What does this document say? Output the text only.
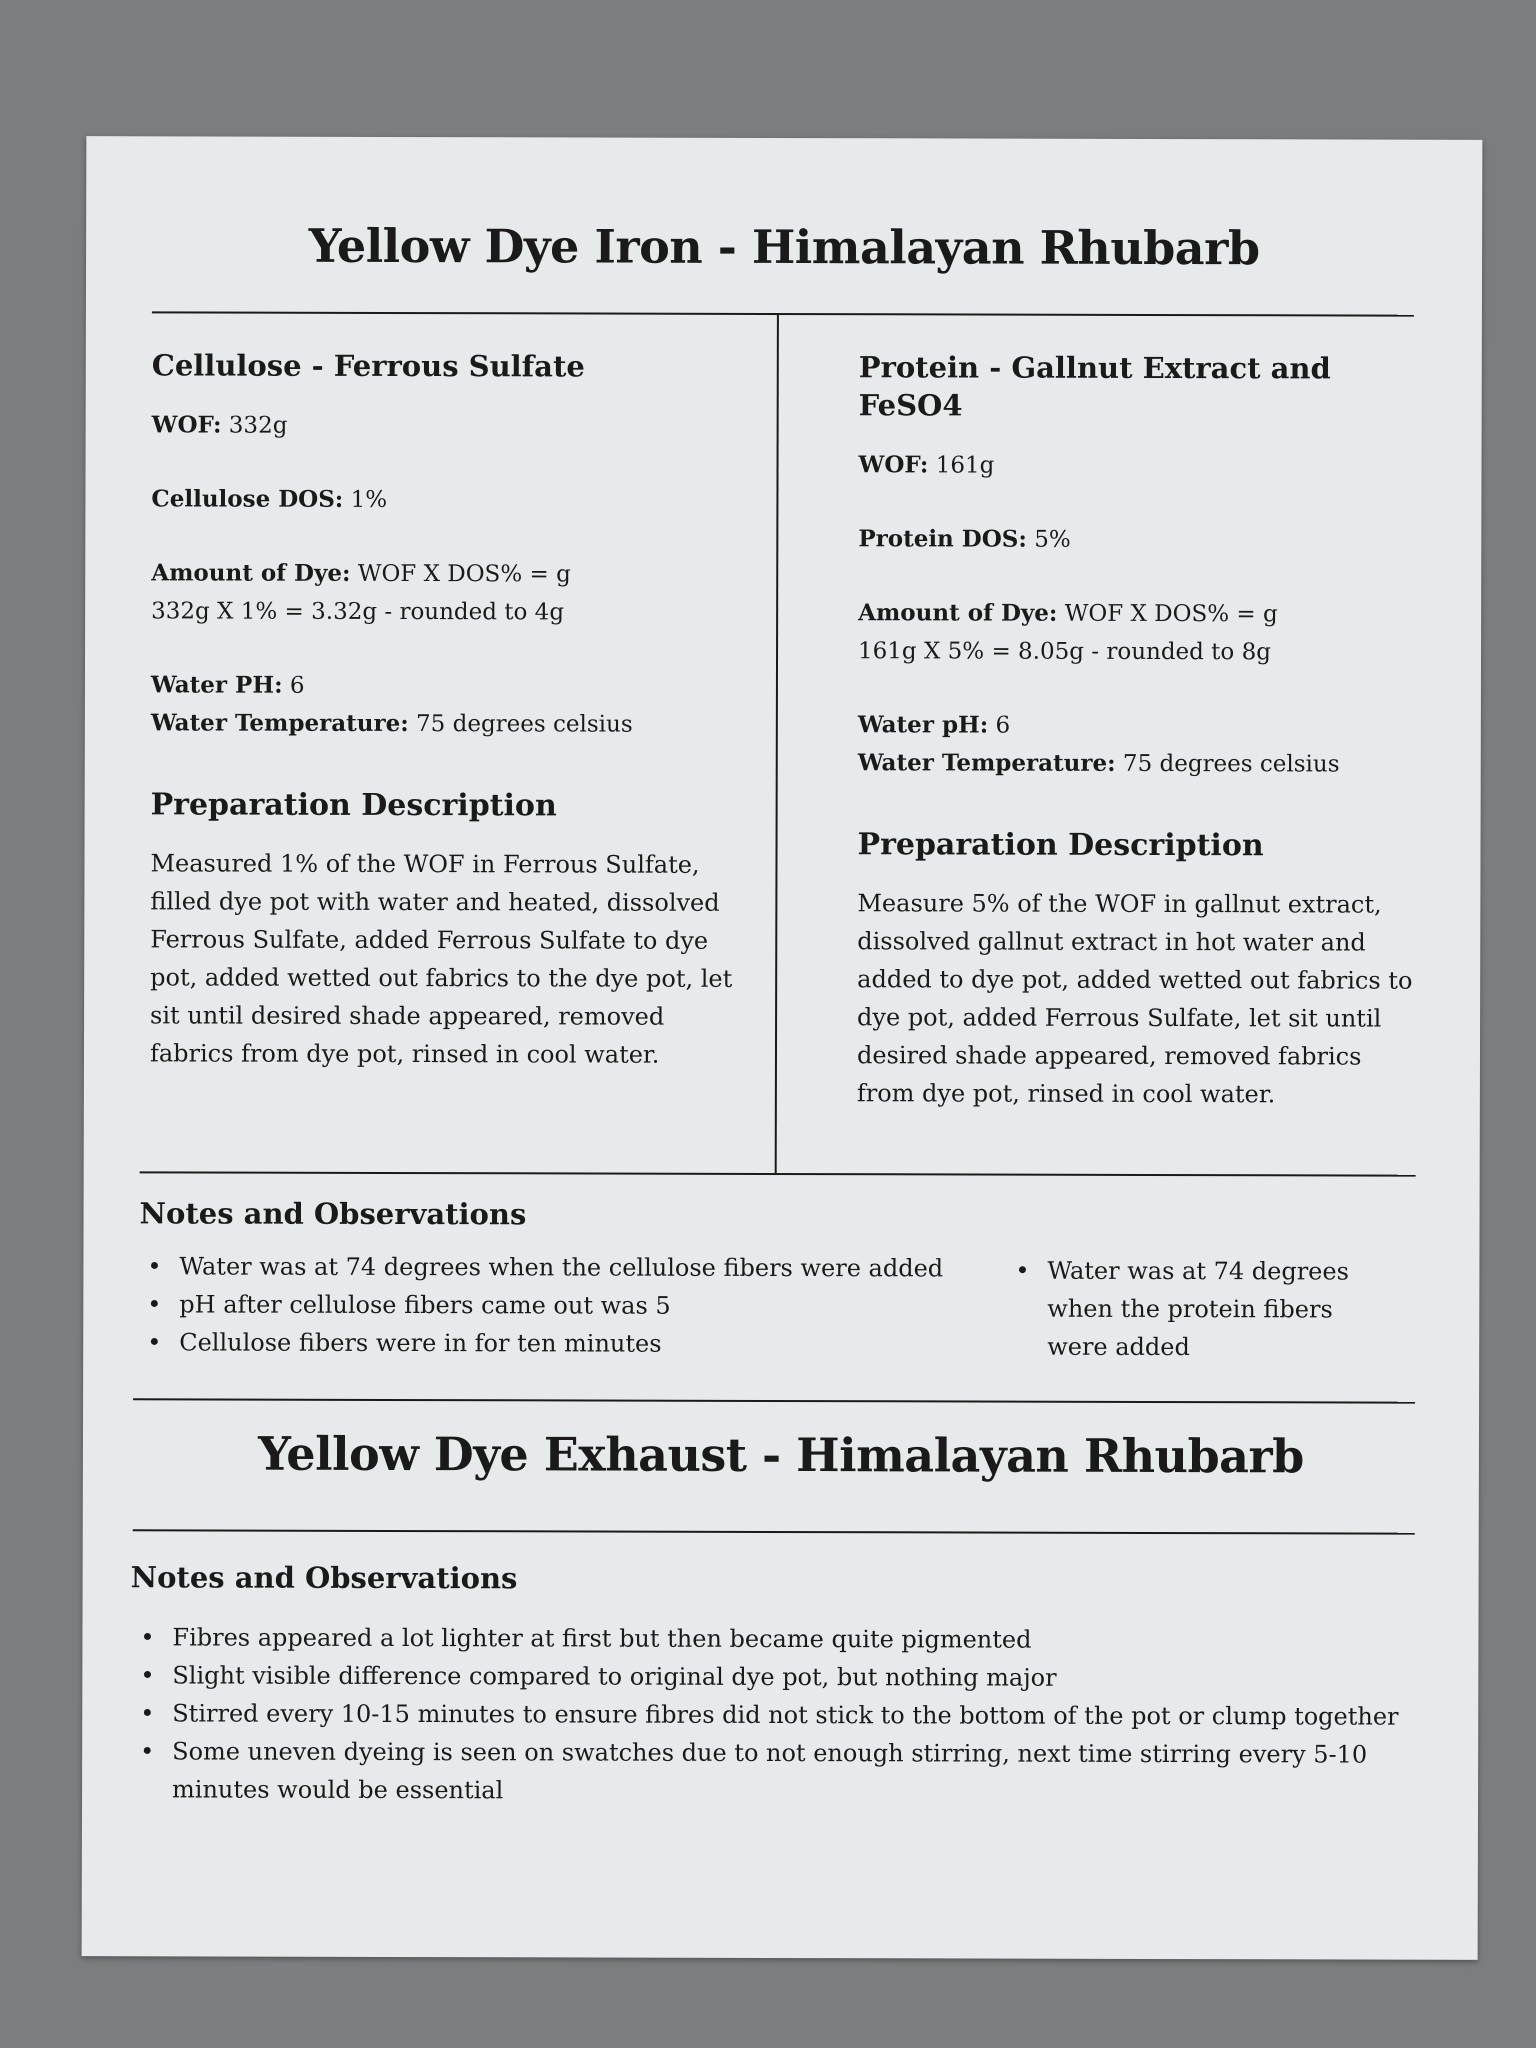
Yellow Dye Iron - Himalayan Rhubarb
Cellulose - Ferrous Sulfate

WOF: 332g

Cellulose DOS: 1%

Amount of Dye: WOF X DOS% = g

332g X 1% = 3.32g - rounded to 4g

Water PH: 6

Water Temperature: 75 degrees celsius

Preparation Description

Measured 1% of the WOF in Ferrous Sulfate, filled dye pot with water and heated, dissolved Ferrous Sulfate, added Ferrous Sulfate to dye pot, added wetted out fabrics to the dye pot, let sit until desired shade appeared, removed fabrics from dye pot, rinsed in cool water.

Protein - Gallnut Extract and FeSO4

WOF: 161g

Protein DOS: 5%

Amount of Dye: WOF X DOS% = g

161g X 5% = 8.05g - rounded to 8g

Water pH: 6

Water Temperature: 75 degrees celsius

Preparation Description

Measure 5% of the WOF in gallnut extract, dissolved gallnut extract in hot water and added to dye pot, added wetted out fabrics to dye pot, added Ferrous Sulfate, let sit until desired shade appeared, removed fabrics from dye pot, rinsed in cool water.

Notes and Observations
• Water was at 74 degrees when the cellulose fibers were added
• pH after cellulose fibers came out was 5
• Cellulose fibers were in for ten minutes
• Water was at 74 degrees when the protein fibers were added
Yellow Dye Exhaust - Himalayan Rhubarb
Notes and Observations
• Fibres appeared a lot lighter at first but then became quite pigmented
• Slight visible difference compared to original dye pot, but nothing major
• Stirred every 10-15 minutes to ensure fibres did not stick to the bottom of the pot or clump together
• Some uneven dyeing is seen on swatches due to not enough stirring, next time stirring every 5-10 minutes would be essential
